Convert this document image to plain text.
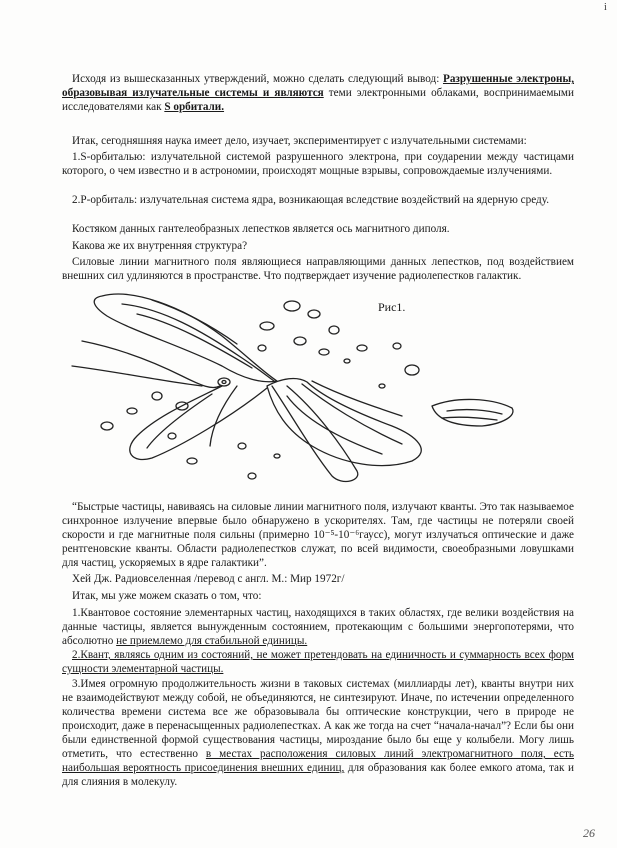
і

Исходя из вышесказанных утверждений, можно сделать следующий вывод: Разрушенные электроны, образовывая излучательные системы и являются теми электронными облаками, воспринимаемыми исследователями как S орбитали.

Итак, сегодняшняя наука имеет дело, изучает, экспериментирует с излучательными системами:

1.S-орбиталью: излучательной системой разрушенного электрона, при соударении между частицами которого, о чем известно и в астрономии, происходят мощные взрывы, сопровождаемые излучениями.

2.Р-орбиталь: излучательная система ядра, возникающая вследствие воздействий на ядерную среду.

Костяком данных гантелеобразных лепестков является ось магнитного диполя.

Какова же их внутренняя структура?

Силовые линии магнитного поля являющиеся направляющими данных лепестков, под воздействием внешних сил удлиняются в пространстве. Что подтверждает изучение радиолепестков галактик.

Рис1.

“Быстрые частицы, навиваясь на силовые линии магнитного поля, излучают кванты. Это так называемое синхронное излучение впервые было обнаружено в ускорителях. Там, где частицы не потеряли своей скорости и где магнитные поля сильны (примерно 10⁻⁵-10⁻⁶гаусс), могут излучаться оптические и даже рентгеновские кванты. Области радиолепестков служат, по всей видимости, своеобразными ловушками для частиц, ускоряемых в ядре галактики”.

Хей Дж. Радиовселенная /перевод с англ. М.: Мир 1972г/

Итак, мы уже можем сказать о том, что:

1.Квантовое состояние элементарных частиц, находящихся в таких областях, где велики воздействия на данные частицы, является вынужденным состоянием, протекающим с большими энергопотерями, что абсолютно не приемлемо для стабильной единицы.

2.Квант, являясь одним из состояний, не может претендовать на единичность и суммарность всех форм сущности элементарной частицы.

3.Имея огромную продолжительность жизни в таковых системах (миллиарды лет), кванты внутри них не взаимодействуют между собой, не объединяются, не синтезируют. Иначе, по истечении определенного количества времени система все же образовывала бы оптические конструкции, чего в природе не происходит, даже в перенасыщенных радиолепестках. А как же тогда на счет “начала-начал”? Если бы они были единственной формой существования частицы, мироздание было бы еще у колыбели. Могу лишь отметить, что естественно в местах расположения силовых линий электромагнитного поля, есть наибольшая вероятность присоединения внешних единиц, для образования как более емкого атома, так и для слияния в молекулу.

26
